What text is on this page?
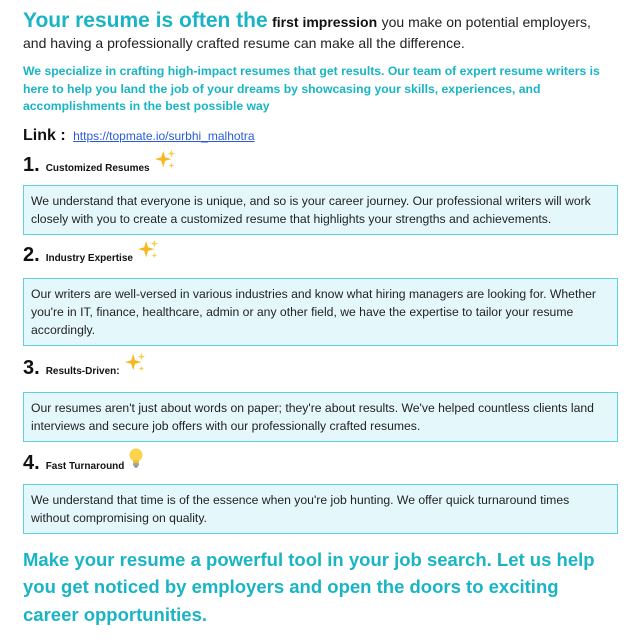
Your resume is often the first impression you make on potential employers, and having a professionally crafted resume can make all the difference.

We specialize in crafting high-impact resumes that get results. Our team of expert resume writers is here to help you land the job of your dreams by showcasing your skills, experiences, and accomplishments in the best possible way

Link : https://topmate.io/surbhi_malhotra
1. Customized Resumes
We understand that everyone is unique, and so is your career journey. Our professional writers will work closely with you to create a customized resume that highlights your strengths and achievements.
2. Industry Expertise
Our writers are well-versed in various industries and know what hiring managers are looking for. Whether you're in IT, finance, healthcare, admin or any other field, we have the expertise to tailor your resume accordingly.
3. Results-Driven:
Our resumes aren't just about words on paper; they're about results. We've helped countless clients land interviews and secure job offers with our professionally crafted resumes.
4. Fast Turnaround
We understand that time is of the essence when you're job hunting. We offer quick turnaround times without compromising on quality.

Make your resume a powerful tool in your job search. Let us help you get noticed by employers and open the doors to exciting career opportunities.
